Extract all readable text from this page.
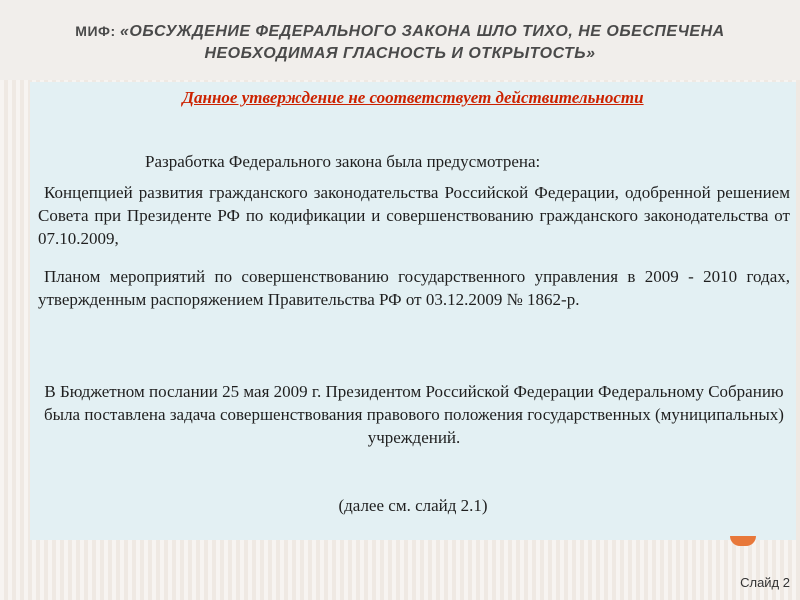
МИФ: «ОБСУЖДЕНИЕ ФЕДЕРАЛЬНОГО ЗАКОНА ШЛО ТИХО, НЕ ОБЕСПЕЧЕНА НЕОБХОДИМАЯ ГЛАСНОСТЬ И ОТКРЫТОСТЬ»
Данное утверждение не соответствует действительности
Разработка Федерального закона была предусмотрена:
Концепцией развития гражданского законодательства Российской Федерации, одобренной решением Совета при Президенте РФ по кодификации и совершенствованию гражданского законодательства от 07.10.2009,
Планом мероприятий по совершенствованию государственного управления в 2009 - 2010 годах, утвержденным распоряжением Правительства РФ от 03.12.2009 № 1862-р.
В Бюджетном послании 25 мая 2009 г. Президентом Российской Федерации Федеральному Собранию была поставлена задача совершенствования правового положения государственных (муниципальных) учреждений.
(далее см. слайд 2.1)
Слайд 2
